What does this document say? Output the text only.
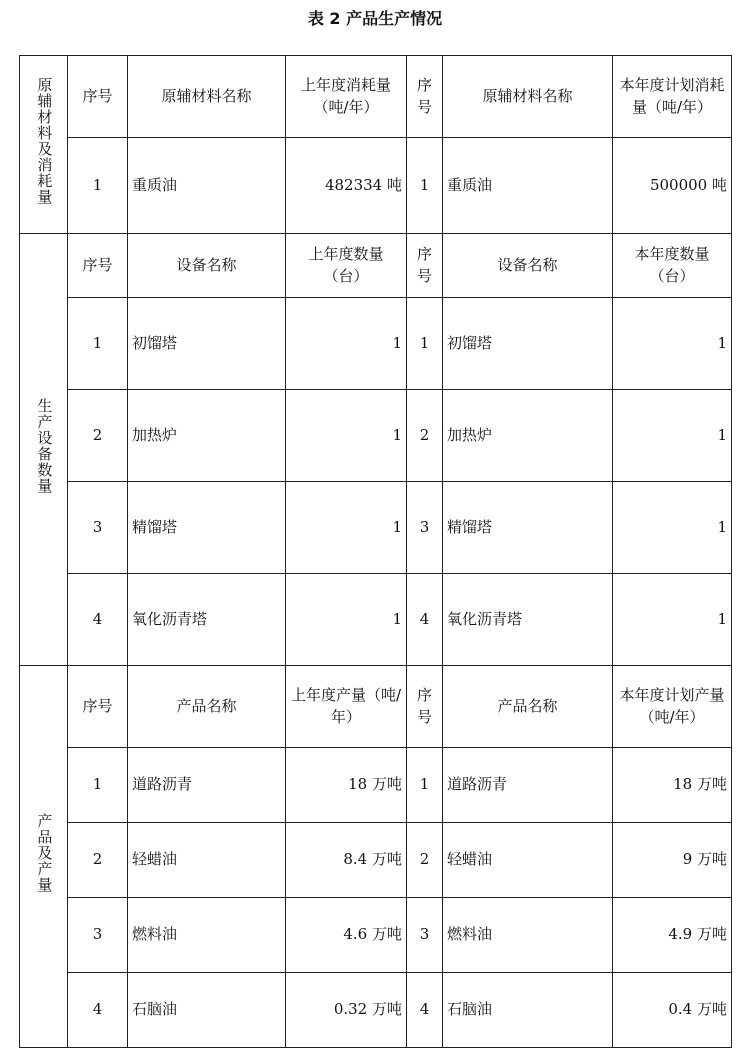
表 2 产品生产情况
原辅材料及消耗量	序号	原辅材料名称	上年度消耗量（吨/年）	序号	原辅材料名称	本年度计划消耗量（吨/年）
	1	重质油	482334 吨	1	重质油	500000 吨
生产设备数量	序号	设备名称	上年度数量（台）	序号	设备名称	本年度数量（台）
	1	初馏塔	1	1	初馏塔	1
	2	加热炉	1	2	加热炉	1
	3	精馏塔	1	3	精馏塔	1
	4	氧化沥青塔	1	4	氧化沥青塔	1
产品及产量	序号	产品名称	上年度产量（吨/年）	序号	产品名称	本年度计划产量（吨/年）
	1	道路沥青	18 万吨	1	道路沥青	18 万吨
	2	轻蜡油	8.4 万吨	2	轻蜡油	9 万吨
	3	燃料油	4.6 万吨	3	燃料油	4.9 万吨
	4	石脑油	0.32 万吨	4	石脑油	0.4 万吨
